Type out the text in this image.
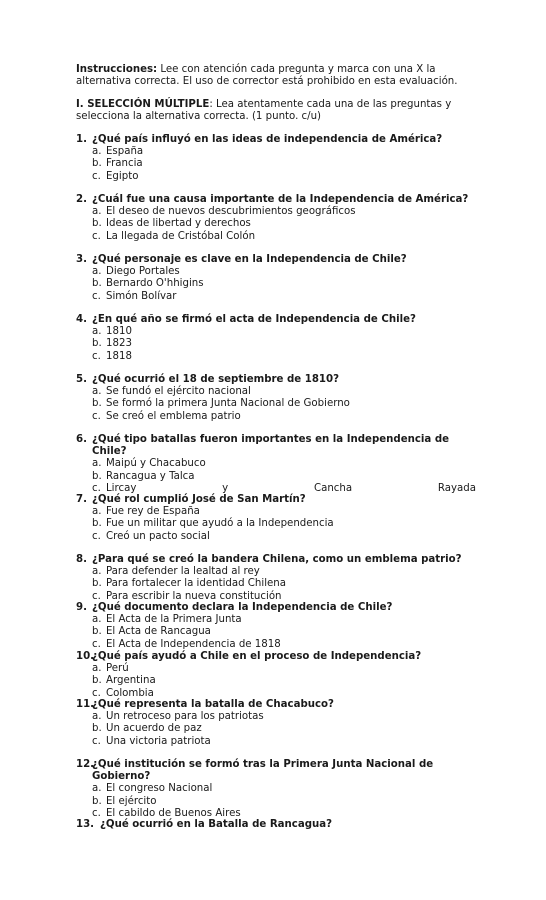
Instrucciones: Lee con atención cada pregunta y marca con una X la alternativa correcta. El uso de corrector está prohibido en esta evaluación.
I. SELECCIÓN MÚLTIPLE: Lea atentamente cada una de las preguntas y selecciona la alternativa correcta. (1 punto. c/u)
1. ¿Qué país influyó en las ideas de independencia de América?
a. España
b. Francia
c. Egipto
2. ¿Cuál fue una causa importante de la Independencia de América?
a. El deseo de nuevos descubrimientos geográficos
b. Ideas de libertad y derechos
c. La llegada de Cristóbal Colón
3. ¿Qué personaje es clave en la Independencia de Chile?
a. Diego Portales
b. Bernardo O'hhigins
c. Simón Bolívar
4. ¿En qué año se firmó el acta de Independencia de Chile?
a. 1810
b. 1823
c. 1818
5. ¿Qué ocurrió el 18 de septiembre de 1810?
a. Se fundó el ejército nacional
b. Se formó la primera Junta Nacional de Gobierno
c. Se creó el emblema patrio
6. ¿Qué tipo batallas fueron importantes en la Independencia de Chile?
a. Maipú y Chacabuco
b. Rancagua y Talca
c. Lircay	y	Cancha	Rayada
7. ¿Qué rol cumplió José de San Martín?
a. Fue rey de España
b. Fue un militar que ayudó a la Independencia
c. Creó un pacto social
8. ¿Para qué se creó la bandera Chilena, como un emblema patrio?
a. Para defender la lealtad al rey
b. Para fortalecer la identidad Chilena
c. Para escribir la nueva constitución
9. ¿Qué documento declara la Independencia de Chile?
a. El Acta de la Primera Junta
b. El Acta de Rancagua
c. El Acta de Independencia de 1818
10.
¿Qué país ayudó a Chile en el proceso de Independencia?
a. Perú
b. Argentina
c. Colombia
11.
¿Qué representa la batalla de Chacabuco?
a. Un retroceso para los patriotas
b. Un acuerdo de paz
c. Una victoria patriota
12.
¿Qué institución se formó tras la Primera Junta Nacional de Gobierno?
a. El congreso Nacional
b. El ejército
c. El cabildo de Buenos Aires
13. ¿Qué ocurrió en la Batalla de Rancagua?
